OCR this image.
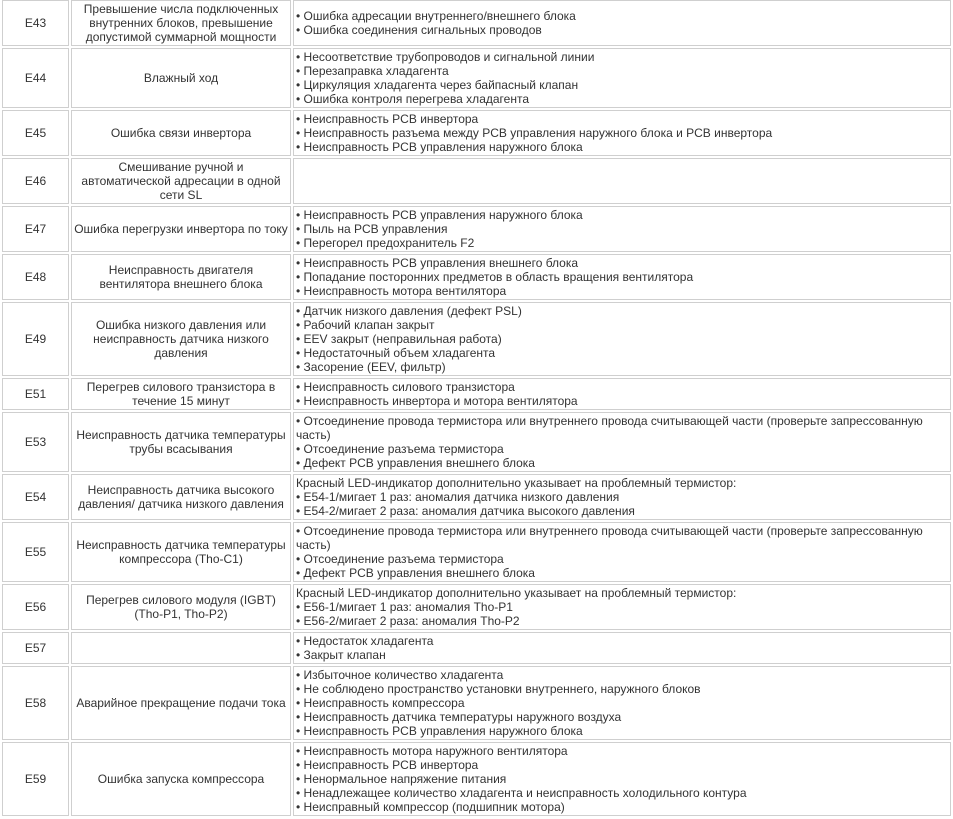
E43	Превышение числа подключенных внутренних блоков, превышение допустимой суммарной мощности	• Ошибка адресации внутреннего/внешнего блока
• Ошибка соединения сигнальных проводов

E44	Влажный ход	• Несоответствие трубопроводов и сигнальной линии
• Перезаправка хладагента
• Циркуляция хладагента через байпасный клапан
• Ошибка контроля перегрева хладагента

E45	Ошибка связи инвертора	• Неисправность PCB инвертора
• Неисправность разъема между PCB управления наружного блока и PCB инвертора
• Неисправность PCB управления наружного блока

E46	Смешивание ручной и автоматической адресации в одной сети SL	
E47	Ошибка перегрузки инвертора по току	• Неисправность PCB управления наружного блока
• Пыль на PCB управления
• Перегорел предохранитель F2

E48	Неисправность двигателя вентилятора внешнего блока	• Неисправность PCB управления внешнего блока
• Попадание посторонних предметов в область вращения вентилятора
• Неисправность мотора вентилятора

E49	Ошибка низкого давления или неисправность датчика низкого давления	• Датчик низкого давления (дефект PSL)
• Рабочий клапан закрыт
• EEV закрыт (неправильная работа)
• Недостаточный объем хладагента
• Засорение (EEV, фильтр)

E51	Перегрев силового транзистора в течение 15 минут	• Неисправность силового транзистора
• Неисправность инвертора и мотора вентилятора

E53	Неисправность датчика температуры трубы всасывания	• Отсоединение провода термистора или внутреннего провода считывающей части (проверьте запрессованную часть)
• Отсоединение разъема термистора
• Дефект PCB управления внешнего блока

E54	Неисправность датчика высокого давления/ датчика низкого давления	Красный LED-индикатор дополнительно указывает на проблемный термистор:
• E54-1/мигает 1 раз: аномалия датчика низкого давления
• E54-2/мигает 2 раза: аномалия датчика высокого давления

E55	Неисправность датчика температуры компрессора (Tho-C1)	• Отсоединение провода термистора или внутреннего провода считывающей части (проверьте запрессованную часть)
• Отсоединение разъема термистора
• Дефект PCB управления внешнего блока

E56	Перегрев силового модуля (IGBT) (Tho-P1, Tho-P2)	Красный LED-индикатор дополнительно указывает на проблемный термистор:
• E56-1/мигает 1 раз: аномалия Tho-P1
• E56-2/мигает 2 раза: аномалия Tho-P2

E57		• Недостаток хладагента
• Закрыт клапан

E58	Аварийное прекращение подачи тока	• Избыточное количество хладагента
• Не соблюдено пространство установки внутреннего, наружного блоков
• Неисправность компрессора
• Неисправность датчика температуры наружного воздуха
• Неисправность PCB управления наружного блока

E59	Ошибка запуска компрессора	• Неисправность мотора наружного вентилятора
• Неисправность PCB инвертора
• Ненормальное напряжение питания
• Ненадлежащее количество хладагента и неисправность холодильного контура
• Неисправный компрессор (подшипник мотора)
